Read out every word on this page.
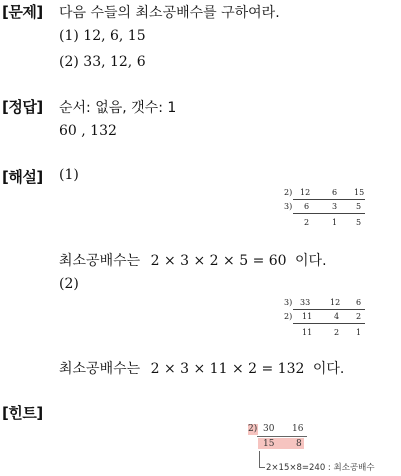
[문제] 다음 수들의 최소공배수를 구하여라.
(1) 12, 6, 15
(2) 33, 12, 6
[정답] 순서: 없음, 갯수: 1
60 , 132
[해설] (1)
2) 12	6 15
3) 6	3 5
2	1 5
최소공배수는 2 × 3 × 2 × 5 = 60 이다.
(2)
3) 33 12 6
2) 11	4 2
11	2 1
최소공배수는 2 × 3 × 11 × 2 = 132 이다.
[힌트]
2) 30 16
15 8
2×15×8=240 : 최소공배수
